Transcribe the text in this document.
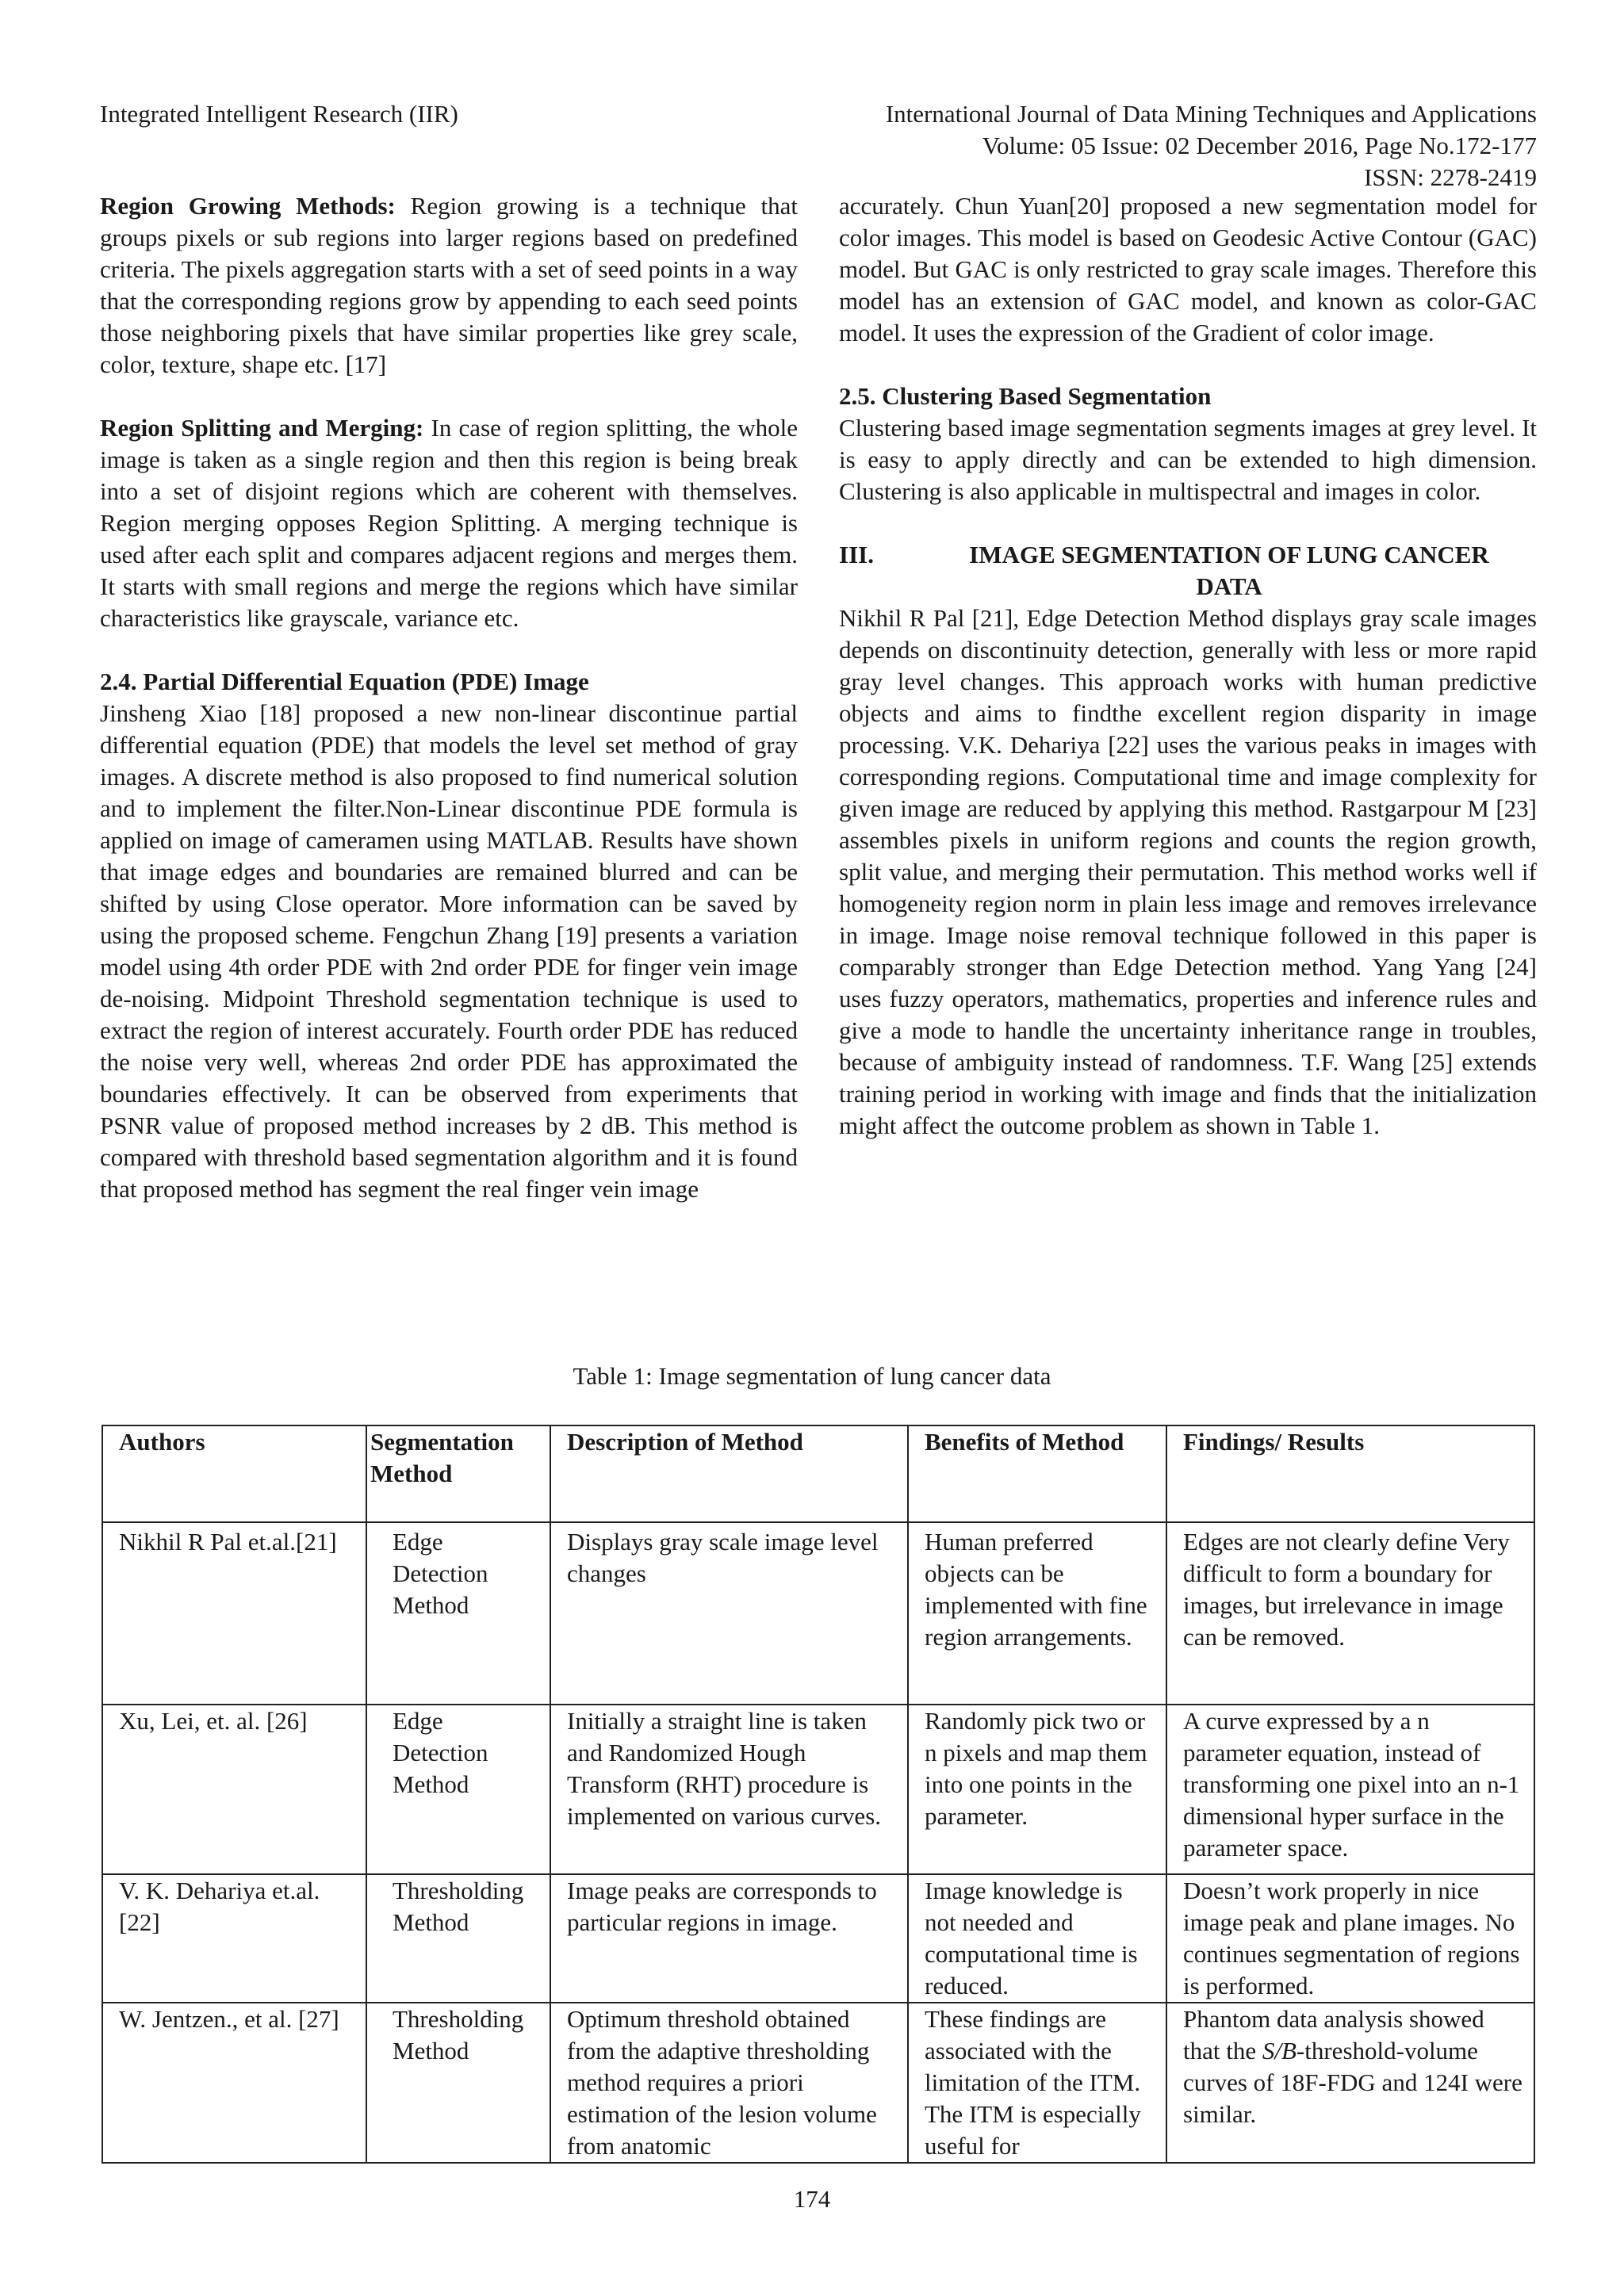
Integrated Intelligent Research (IIR)	International Journal of Data Mining Techniques and Applications
Volume: 05 Issue: 02 December 2016, Page No.172-177
ISSN: 2278-2419

Region Growing Methods: Region growing is a technique that groups pixels or sub regions into larger regions based on predefined criteria. The pixels aggregation starts with a set of seed points in a way that the corresponding regions grow by appending to each seed points those neighboring pixels that have similar properties like grey scale, color, texture, shape etc. [17]

Region Splitting and Merging: In case of region splitting, the whole image is taken as a single region and then this region is being break into a set of disjoint regions which are coherent with themselves. Region merging opposes Region Splitting. A merging technique is used after each split and compares adjacent regions and merges them. It starts with small regions and merge the regions which have similar characteristics like grayscale, variance etc.

2.4. Partial Differential Equation (PDE) Image

Jinsheng Xiao [18] proposed a new non-linear discontinue partial differential equation (PDE) that models the level set method of gray images. A discrete method is also proposed to find numerical solution and to implement the filter.Non-Linear discontinue PDE formula is applied on image of cameramen using MATLAB. Results have shown that image edges and boundaries are remained blurred and can be shifted by using Close operator. More information can be saved by using the proposed scheme. Fengchun Zhang [19] presents a variation model using 4th order PDE with 2nd order PDE for finger vein image de-noising. Midpoint Threshold segmentation technique is used to extract the region of interest accurately. Fourth order PDE has reduced the noise very well, whereas 2nd order PDE has approximated the boundaries effectively. It can be observed from experiments that PSNR value of proposed method increases by 2 dB. This method is compared with threshold based segmentation algorithm and it is found that proposed method has segment the real finger vein image

accurately. Chun Yuan[20] proposed a new segmentation model for color images. This model is based on Geodesic Active Contour (GAC) model. But GAC is only restricted to gray scale images. Therefore this model has an extension of GAC model, and known as color-GAC model. It uses the expression of the Gradient of color image.

2.5. Clustering Based Segmentation

Clustering based image segmentation segments images at grey level. It is easy to apply directly and can be extended to high dimension. Clustering is also applicable in multispectral and images in color.

III.	IMAGE SEGMENTATION OF LUNG CANCER
DATA

Nikhil R Pal [21], Edge Detection Method displays gray scale images depends on discontinuity detection, generally with less or more rapid gray level changes. This approach works with human predictive objects and aims to findthe excellent region disparity in image processing. V.K. Dehariya [22] uses the various peaks in images with corresponding regions. Computational time and image complexity for given image are reduced by applying this method. Rastgarpour M [23] assembles pixels in uniform regions and counts the region growth, split value, and merging their permutation. This method works well if homogeneity region norm in plain less image and removes irrelevance in image. Image noise removal technique followed in this paper is comparably stronger than Edge Detection method. Yang Yang [24] uses fuzzy operators, mathematics, properties and inference rules and give a mode to handle the uncertainty inheritance range in troubles, because of ambiguity instead of randomness. T.F. Wang [25] extends training period in working with image and finds that the initialization might affect the outcome problem as shown in Table 1.

Table 1: Image segmentation of lung cancer data
Authors	Segmentation Method	Description of Method	Benefits of Method	Findings/ Results
Nikhil R Pal et.al.[21]	Edge Detection Method	Displays gray scale image level changes	Human preferred objects can be implemented with fine region arrangements.	Edges are not clearly define Very difficult to form a boundary for images, but irrelevance in image can be removed.
Xu, Lei, et. al. [26]	Edge Detection Method	Initially a straight line is taken and Randomized Hough Transform (RHT) procedure is implemented on various curves.	Randomly pick two or n pixels and map them into one points in the parameter.	A curve expressed by a n parameter equation, instead of transforming one pixel into an n-1 dimensional hyper surface in the parameter space.
V. K. Dehariya et.al.[22]	Thresholding Method	Image peaks are corresponds to particular regions in image.	Image knowledge is not needed and computational time is reduced.	Doesn’t work properly in nice image peak and plane images. No continues segmentation of regions is performed.
W. Jentzen., et al. [27]	Thresholding Method	Optimum threshold obtained from the adaptive thresholding method requires a priori estimation of the lesion volume from anatomic	These findings are associated with the limitation of the ITM. The ITM is especially useful for	Phantom data analysis showed that the S/B-threshold-volume curves of 18F-FDG and 124I were similar.
174
